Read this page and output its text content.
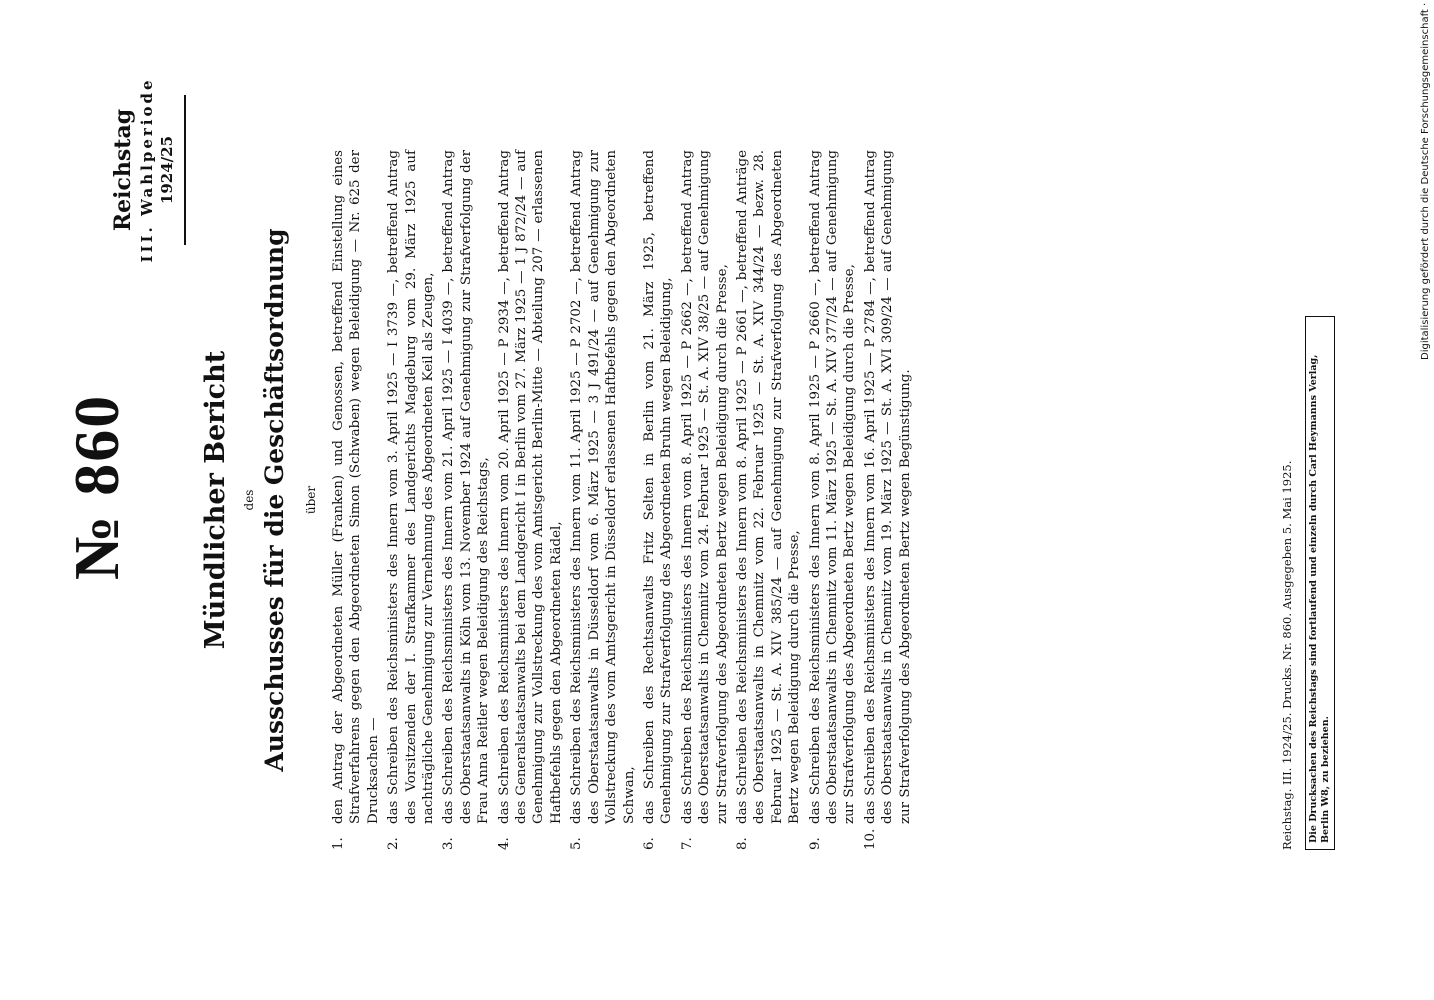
№ 860
Reichstag III. Wahlperiode 1924/25
Mündlicher Bericht des Ausschusses für die Geschäftsordnung über
1.
den Antrag der Abgeordneten Müller (Franken) und Genossen, betreffend Einstellung eines Strafverfahrens gegen den Abgeordneten Simon (Schwaben) wegen Beleidigung — Nr. 625 der Drucksachen —
2.
das Schreiben des Reichsministers des Innern vom 3. April 1925 — I 3739 —, betreffend Antrag des Vorsitzenden der I. Strafkammer des Landgerichts Magdeburg vom 29. März 1925 auf nachträgliche Genehmigung zur Vernehmung des Abgeordneten Keil als Zeugen,
3.
das Schreiben des Reichsministers des Innern vom 21. April 1925 — I 4039 —, betreffend Antrag des Oberstaatsanwalts in Köln vom 13. November 1924 auf Genehmigung zur Strafverfolgung der Frau Anna Reitler wegen Beleidigung des Reichstags,
4.
das Schreiben des Reichsministers des Innern vom 20. April 1925 — P 2934 —, betreffend Antrag des Generalstaatsanwalts bei dem Landgericht I in Berlin vom 27. März 1925 — 1 J 872/24 — auf Genehmigung zur Vollstreckung des vom Amtsgericht Berlin-Mitte — Abteilung 207 — erlassenen Haftbefehls gegen den Abgeordneten Rädel,
5.
das Schreiben des Reichsministers des Innern vom 11. April 1925 — P 2702 —, betreffend Antrag des Oberstaatsanwalts in Düsseldorf vom 6. März 1925 — 3 J 491/24 — auf Genehmigung zur Vollstreckung des vom Amtsgericht in Düsseldorf erlassenen Haftbefehls gegen den Abgeordneten Schwan,
6.
das Schreiben des Rechtsanwalts Fritz Selten in Berlin vom 21. März 1925, betreffend Genehmigung zur Strafverfolgung des Abgeordneten Bruhn wegen Beleidigung,
7.
das Schreiben des Reichsministers des Innern vom 8. April 1925 — P 2662 —, betreffend Antrag des Oberstaatsanwalts in Chemnitz vom 24. Februar 1925 — St. A. XIV 38/25 — auf Genehmigung zur Strafverfolgung des Abgeordneten Bertz wegen Beleidigung durch die Presse,
8.
das Schreiben des Reichsministers des Innern vom 8. April 1925 — P 2661 —, betreffend Anträge des Oberstaatsanwalts in Chemnitz vom 22. Februar 1925 — St. A. XIV 344/24 — bezw. 28. Februar 1925 — St. A. XIV 385/24 — auf Genehmigung zur Strafverfolgung des Abgeordneten Bertz wegen Beleidigung durch die Presse,
9.
das Schreiben des Reichsministers des Innern vom 8. April 1925 — P 2660 —, betreffend Antrag des Oberstaatsanwalts in Chemnitz vom 11. März 1925 — St. A. XIV 377/24 — auf Genehmigung zur Strafverfolgung des Abgeordneten Bertz wegen Beleidigung durch die Presse,
10.
das Schreiben des Reichsministers des Innern vom 16. April 1925 — P 2784 —, betreffend Antrag des Oberstaatsanwalts in Chemnitz vom 19. März 1925 — St. A. XVI 309/24 — auf Genehmigung zur Strafverfolgung des Abgeordneten Bertz wegen Begünstigung.	Reichstag. III. 1924/25. Drucks. Nr. 860. Ausgegeben 5. Mai 1925.	Die Drucksachen des Reichstags sind fortlaufend und einzeln durch Carl Heymanns Verlag, Berlin W8, zu beziehen.
Digitalisierung gefördert durch die Deutsche Forschungsgemeinschaft ·
